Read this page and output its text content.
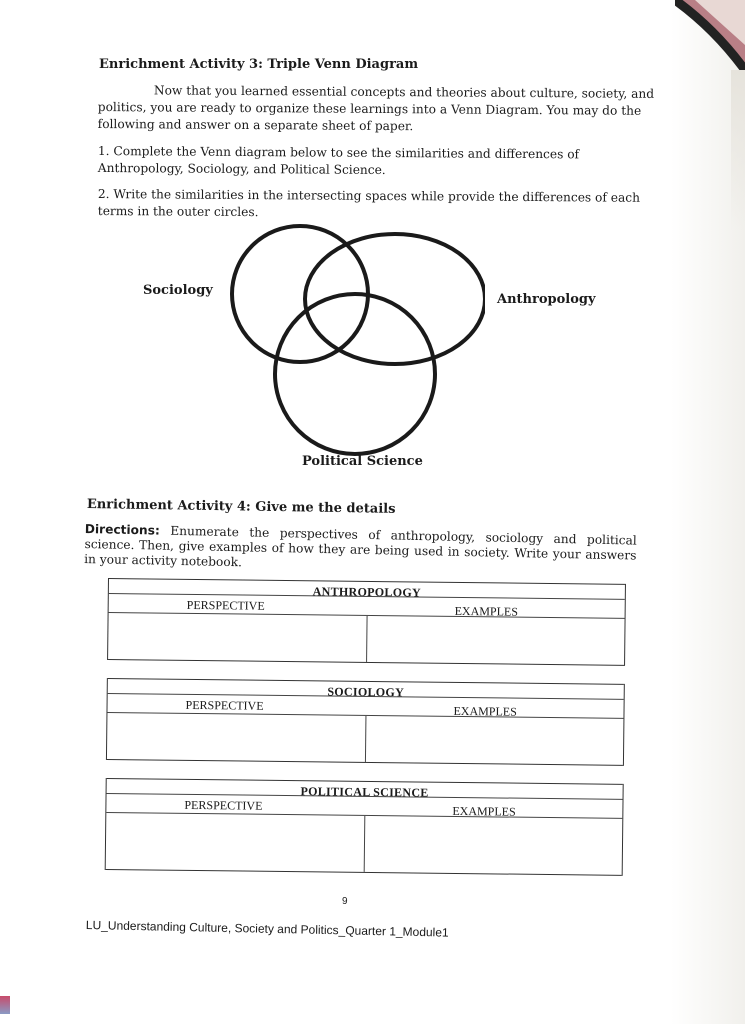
Enrichment Activity 3: Triple Venn Diagram

Now that you learned essential concepts and theories about culture, society, and politics, you are ready to organize these learnings into a Venn Diagram. You may do the following and answer on a separate sheet of paper.

1. Complete the Venn diagram below to see the similarities and differences of Anthropology, Sociology, and Political Science.
2. Write the similarities in the intersecting spaces while provide the differences of each terms in the outer circles.
Sociology
Anthropology
Political Science
Enrichment Activity 4: Give me the details
Directions: Enumerate the perspectives of anthropology, sociology and political science. Then, give examples of how they are being used in society. Write your answers in your activity notebook.
ANTHROPOLOGY
PERSPECTIVE	EXAMPLES
SOCIOLOGY
PERSPECTIVE	EXAMPLES
POLITICAL SCIENCE
PERSPECTIVE	EXAMPLES
9
LU_Understanding Culture, Society and Politics_Quarter 1_Module1
